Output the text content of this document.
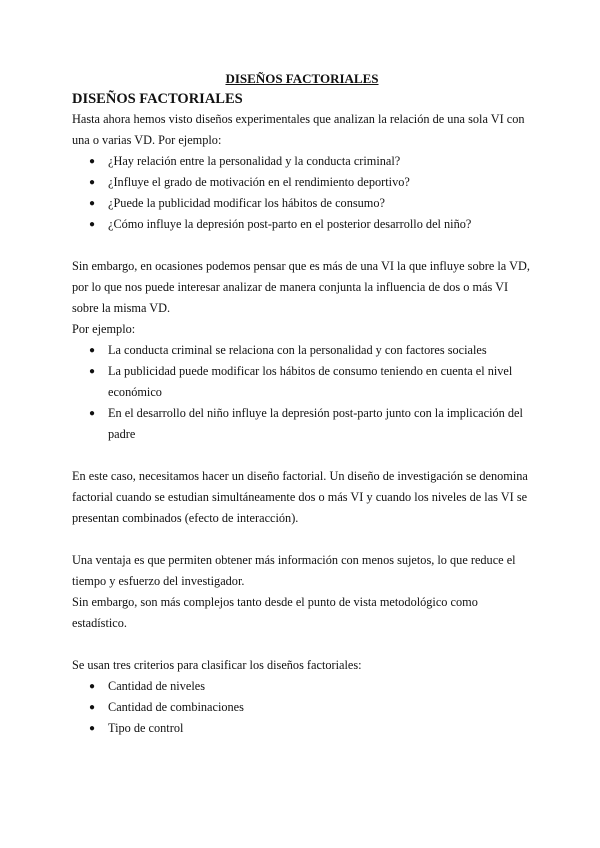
DISEÑOS FACTORIALES
DISEÑOS FACTORIALES

Hasta ahora hemos visto diseños experimentales que analizan la relación de una sola VI con una o varias VD. Por ejemplo:

● ¿Hay relación entre la personalidad y la conducta criminal?
● ¿Influye el grado de motivación en el rendimiento deportivo?
● ¿Puede la publicidad modificar los hábitos de consumo?
● ¿Cómo influye la depresión post-parto en el posterior desarrollo del niño?

Sin embargo, en ocasiones podemos pensar que es más de una VI la que influye sobre la VD, por lo que nos puede interesar analizar de manera conjunta la influencia de dos o más VI sobre la misma VD.

Por ejemplo:

● La conducta criminal se relaciona con la personalidad y con factores sociales
● La publicidad puede modificar los hábitos de consumo teniendo en cuenta el nivel económico
● En el desarrollo del niño influye la depresión post-parto junto con la implicación del padre

En este caso, necesitamos hacer un diseño factorial. Un diseño de investigación se denomina factorial cuando se estudian simultáneamente dos o más VI y cuando los niveles de las VI se presentan combinados (efecto de interacción).

Una ventaja es que permiten obtener más información con menos sujetos, lo que reduce el tiempo y esfuerzo del investigador.

Sin embargo, son más complejos tanto desde el punto de vista metodológico como estadístico.

Se usan tres criterios para clasificar los diseños factoriales:

● Cantidad de niveles
● Cantidad de combinaciones
● Tipo de control
